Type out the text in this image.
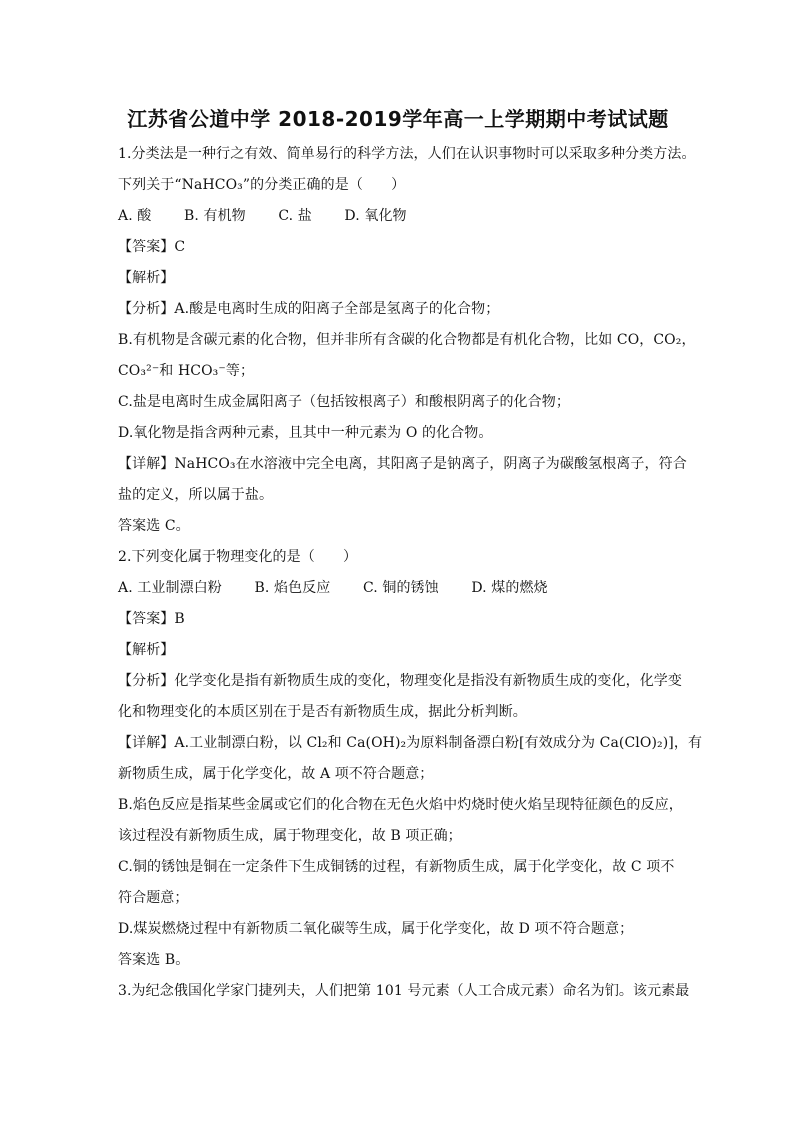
江苏省公道中学 2018-2019学年高一上学期期中考试试题
1.分类法是一种行之有效、简单易行的科学方法，人们在认识事物时可以采取多种分类方法。
下列关于“NaHCO₃”的分类正确的是（　　）
A. 酸 B. 有机物 C. 盐 D. 氧化物
【答案】C
【解析】
【分析】A.酸是电离时生成的阳离子全部是氢离子的化合物；
B.有机物是含碳元素的化合物，但并非所有含碳的化合物都是有机化合物，比如 CO，CO₂，
CO₃²⁻和 HCO₃⁻等；
C.盐是电离时生成金属阳离子（包括铵根离子）和酸根阴离子的化合物；
D.氧化物是指含两种元素，且其中一种元素为 O 的化合物。
【详解】NaHCO₃在水溶液中完全电离，其阳离子是钠离子，阴离子为碳酸氢根离子，符合
盐的定义，所以属于盐。
答案选 C。
2.下列变化属于物理变化的是（　　）
A. 工业制漂白粉 B. 焰色反应 C. 铜的锈蚀 D. 煤的燃烧
【答案】B
【解析】
【分析】化学变化是指有新物质生成的变化，物理变化是指没有新物质生成的变化，化学变
化和物理变化的本质区别在于是否有新物质生成，据此分析判断。
【详解】A.工业制漂白粉，以 Cl₂和 Ca(OH)₂为原料制备漂白粉[有效成分为 Ca(ClO)₂)]，有
新物质生成，属于化学变化，故 A 项不符合题意；
B.焰色反应是指某些金属或它们的化合物在无色火焰中灼烧时使火焰呈现特征颜色的反应，
该过程没有新物质生成，属于物理变化，故 B 项正确；
C.铜的锈蚀是铜在一定条件下生成铜锈的过程，有新物质生成，属于化学变化，故 C 项不
符合题意；
D.煤炭燃烧过程中有新物质二氧化碳等生成，属于化学变化，故 D 项不符合题意；
答案选 B。
3.为纪念俄国化学家门捷列夫，人们把第 101 号元素（人工合成元素）命名为钔。该元素最
